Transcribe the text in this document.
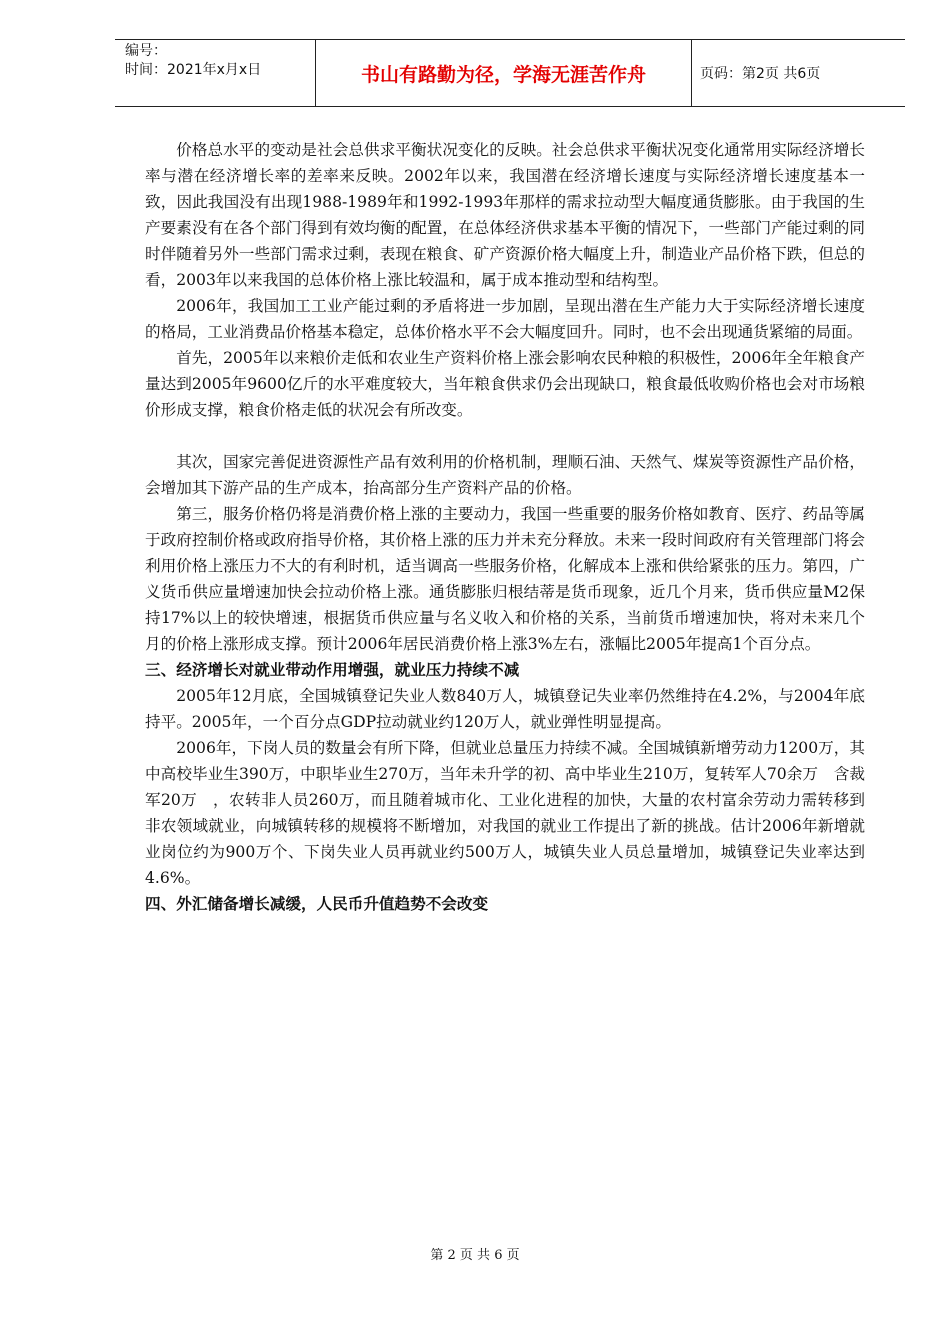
编号：
时间：2021年x月x日	书山有路勤为径，学海无涯苦作舟	页码：第2页 共6页

价格总水平的变动是社会总供求平衡状况变化的反映。社会总供求平衡状况变化通常用实际经济增长率与潜在经济增长率的差率来反映。2002年以来，我国潜在经济增长速度与实际经济增长速度基本一致，因此我国没有出现1988-1989年和1992-1993年那样的需求拉动型大幅度通货膨胀。由于我国的生产要素没有在各个部门得到有效均衡的配置，在总体经济供求基本平衡的情况下，一些部门产能过剩的同时伴随着另外一些部门需求过剩，表现在粮食、矿产资源价格大幅度上升，制造业产品价格下跌，但总的看，2003年以来我国的总体价格上涨比较温和，属于成本推动型和结构型。

2006年，我国加工工业产能过剩的矛盾将进一步加剧，呈现出潜在生产能力大于实际经济增长速度的格局，工业消费品价格基本稳定，总体价格水平不会大幅度回升。同时，也不会出现通货紧缩的局面。

首先，2005年以来粮价走低和农业生产资料价格上涨会影响农民种粮的积极性，2006年全年粮食产量达到2005年9600亿斤的水平难度较大，当年粮食供求仍会出现缺口，粮食最低收购价格也会对市场粮价形成支撑，粮食价格走低的状况会有所改变。

其次，国家完善促进资源性产品有效利用的价格机制，理顺石油、天然气、煤炭等资源性产品价格，会增加其下游产品的生产成本，抬高部分生产资料产品的价格。

第三，服务价格仍将是消费价格上涨的主要动力，我国一些重要的服务价格如教育、医疗、药品等属于政府控制价格或政府指导价格，其价格上涨的压力并未充分释放。未来一段时间政府有关管理部门将会利用价格上涨压力不大的有利时机，适当调高一些服务价格，化解成本上涨和供给紧张的压力。第四，广义货币供应量增速加快会拉动价格上涨。通货膨胀归根结蒂是货币现象，近几个月来，货币供应量M2保持17%以上的较快增速，根据货币供应量与名义收入和价格的关系，当前货币增速加快，将对未来几个月的价格上涨形成支撑。预计2006年居民消费价格上涨3%左右，涨幅比2005年提高1个百分点。

三、经济增长对就业带动作用增强，就业压力持续不减

2005年12月底，全国城镇登记失业人数840万人，城镇登记失业率仍然维持在4.2%，与2004年底持平。2005年，一个百分点GDP拉动就业约120万人，就业弹性明显提高。

2006年，下岗人员的数量会有所下降，但就业总量压力持续不减。全国城镇新增劳动力1200万，其中高校毕业生390万，中职毕业生270万，当年未升学的初、高中毕业生210万，复转军人70余万　含裁军20万　，农转非人员260万，而且随着城市化、工业化进程的加快，大量的农村富余劳动力需转移到非农领域就业，向城镇转移的规模将不断增加，对我国的就业工作提出了新的挑战。估计2006年新增就业岗位约为900万个、下岗失业人员再就业约500万人，城镇失业人员总量增加，城镇登记失业率达到4.6%。

四、外汇储备增长减缓，人民币升值趋势不会改变

第 2 页 共 6 页
